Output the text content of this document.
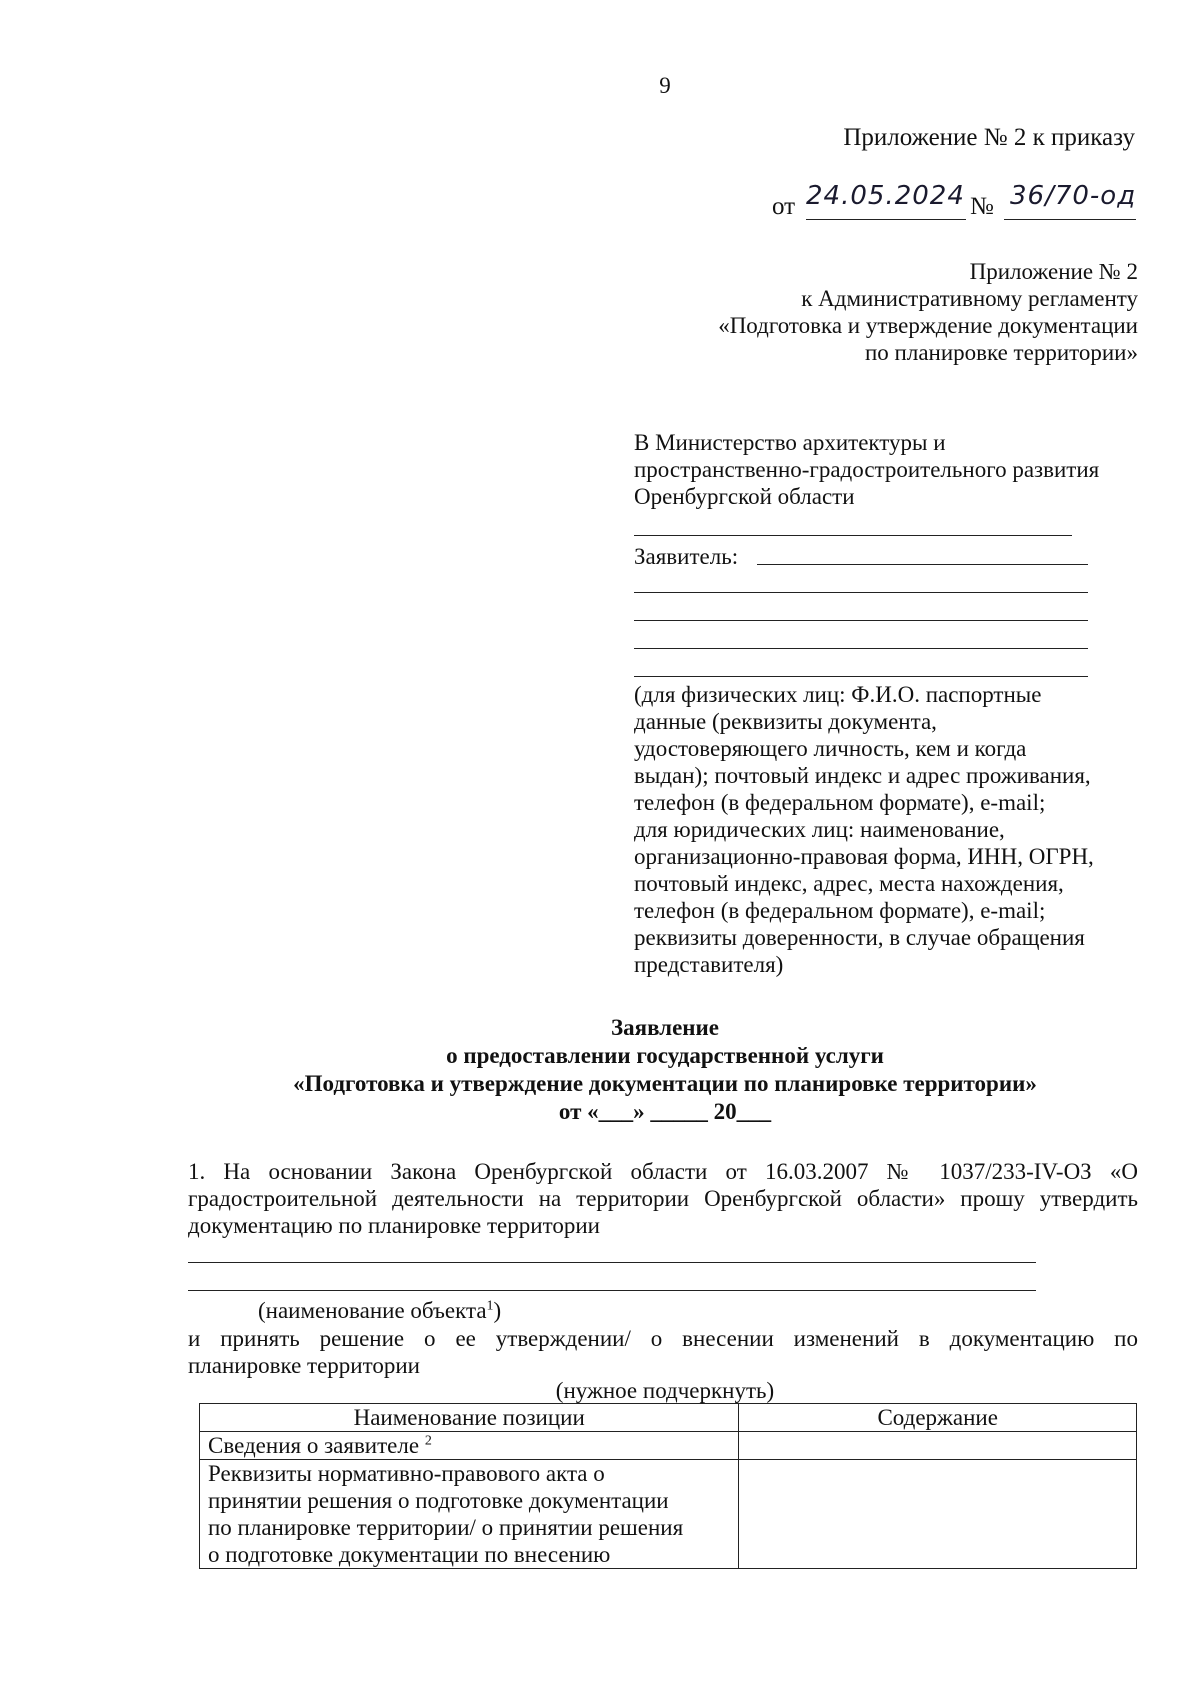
9
Приложение № 2 к приказу
от 24.05.2024 № 36/70-од
Приложение № 2
к Административному регламенту
«Подготовка и утверждение документации
по планировке территории»
В Министерство архитектуры и
пространственно-градостроительного развития
Оренбургской области
Заявитель:
(для физических лиц: Ф.И.О. паспортные
данные (реквизиты документа,
удостоверяющего личность, кем и когда
выдан); почтовый индекс и адрес проживания,
телефон (в федеральном формате), e-mail;
для юридических лиц: наименование,
организационно-правовая форма, ИНН, ОГРН,
почтовый индекс, адрес, места нахождения,
телефон (в федеральном формате), e-mail;
реквизиты доверенности, в случае обращения
представителя)
Заявление
о предоставлении государственной услуги
«Подготовка и утверждение документации по планировке территории»
от «___» _____ 20___
1. На основании Закона Оренбургской области от 16.03.2007 № 1037/233-IV-ОЗ «О
градостроительной деятельности на территории Оренбургской области» прошу утвердить
документацию по планировке территории
(наименование объекта$^1$)
и принять решение о ее утверждении/ о внесении изменений в документацию по
планировке территории
(нужное подчеркнуть)
Наименование позиции	Содержание
Сведения о заявителе $^2$	

Реквизиты нормативно-правового акта о
принятии решения о подготовке документации
по планировке территории/ о принятии решения
о подготовке документации по внесению	
